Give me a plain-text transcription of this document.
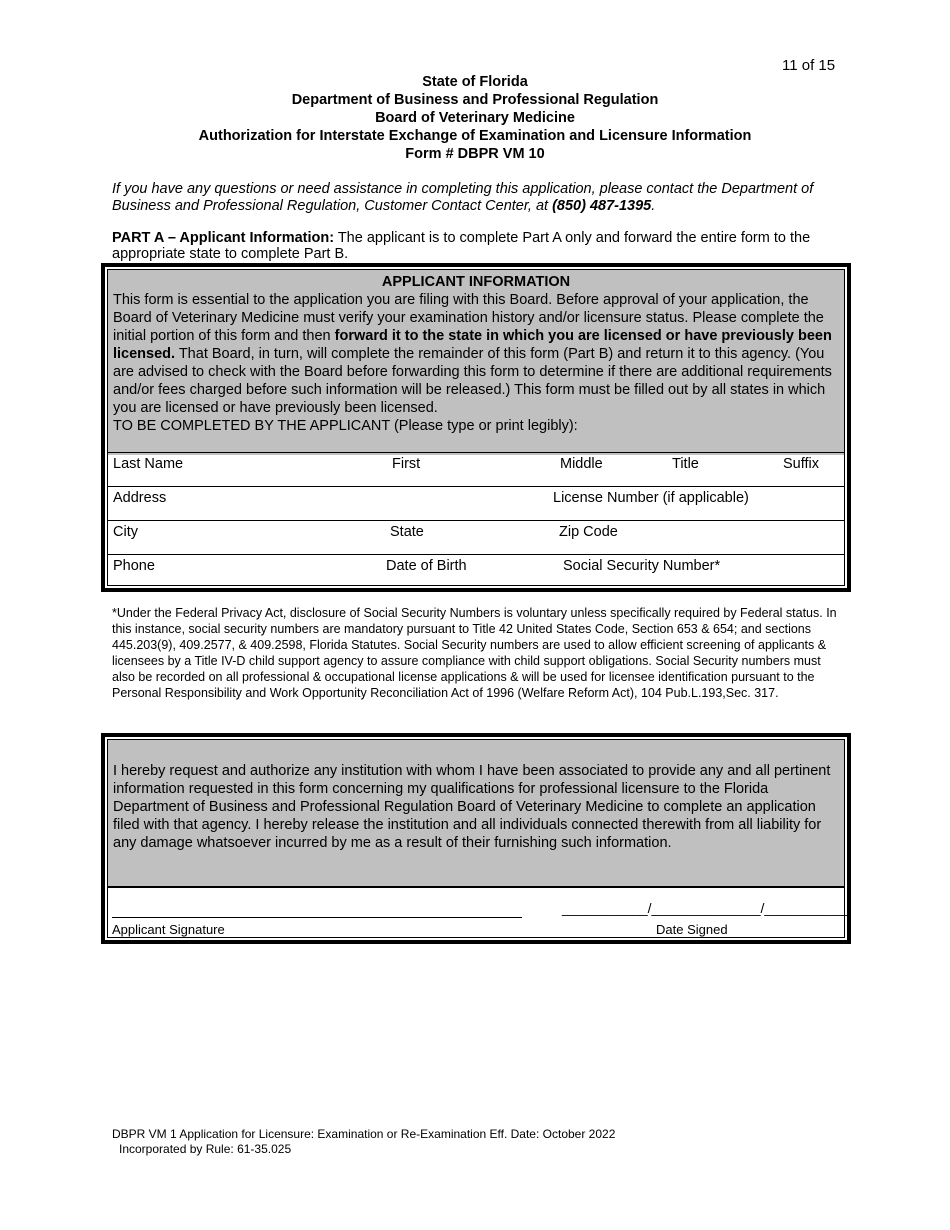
11 of 15
State of Florida
Department of Business and Professional Regulation
Board of Veterinary Medicine
Authorization for Interstate Exchange of Examination and Licensure Information
Form # DBPR VM 10
If you have any questions or need assistance in completing this application, please contact the Department of Business and Professional Regulation, Customer Contact Center, at (850) 487-1395.
PART A – Applicant Information: The applicant is to complete Part A only and forward the entire form to the appropriate state to complete Part B.
APPLICANT INFORMATION
This form is essential to the application you are filing with this Board. Before approval of your application, the Board of Veterinary Medicine must verify your examination history and/or licensure status. Please complete the initial portion of this form and then forward it to the state in which you are licensed or have previously been licensed. That Board, in turn, will complete the remainder of this form (Part B) and return it to this agency. (You are advised to check with the Board before forwarding this form to determine if there are additional requirements and/or fees charged before such information will be released.) This form must be filled out by all states in which you are licensed or have previously been licensed.
TO BE COMPLETED BY THE APPLICANT (Please type or print legibly):
Last Name	First	Middle	Title	Suffix
Address	License Number (if applicable)
City	State	Zip Code
Phone	Date of Birth	Social Security Number*
*Under the Federal Privacy Act, disclosure of Social Security Numbers is voluntary unless specifically required by Federal status. In this instance, social security numbers are mandatory pursuant to Title 42 United States Code, Section 653 & 654; and sections 445.203(9), 409.2577, & 409.2598, Florida Statutes. Social Security numbers are used to allow efficient screening of applicants & licensees by a Title IV-D child support agency to assure compliance with child support obligations. Social Security numbers must also be recorded on all professional & occupational license applications & will be used for licensee identification pursuant to the Personal Responsibility and Work Opportunity Reconciliation Act of 1996 (Welfare Reform Act), 104 Pub.L.193,Sec. 317.
I hereby request and authorize any institution with whom I have been associated to provide any and all pertinent information requested in this form concerning my qualifications for professional licensure to the Florida Department of Business and Professional Regulation Board of Veterinary Medicine to complete an application filed with that agency. I hereby release the institution and all individuals connected therewith from all liability for any damage whatsoever incurred by me as a result of their furnishing such information.
Applicant Signature
___________/______________/___________
Date Signed
DBPR VM 1 Application for Licensure: Examination or Re-Examination Eff. Date: October 2022
Incorporated by Rule: 61-35.025
